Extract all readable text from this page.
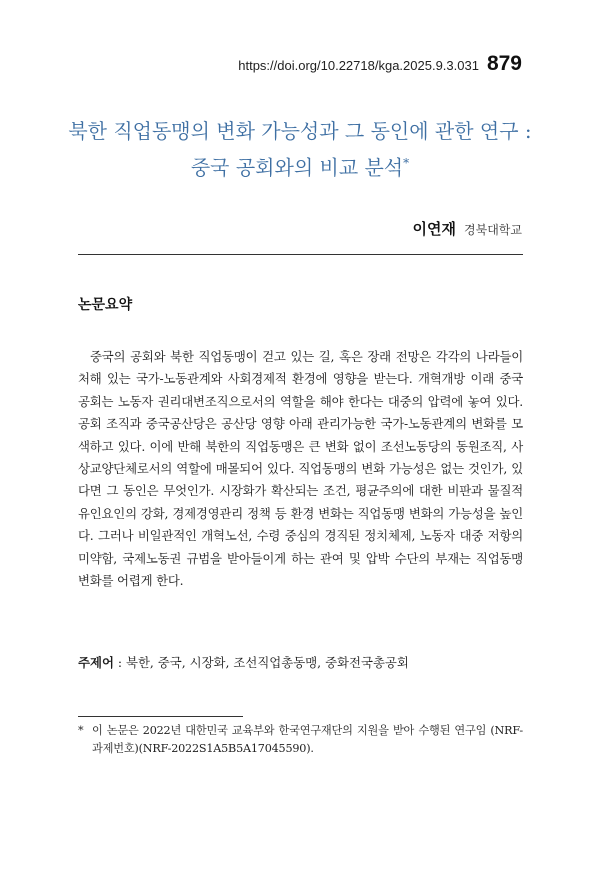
https://doi.org/10.22718/kga.2025.9.3.031 879
북한 직업동맹의 변화 가능성과 그 동인에 관한 연구 :
중국 공회와의 비교 분석*
이연재 경북대학교
논문요약
중국의 공회와 북한 직업동맹이 걷고 있는 길, 혹은 장래 전망은 각각의 나라들이 처해 있는 국가-노동관계와 사회경제적 환경에 영향을 받는다. 개혁개방 이래 중국 공회는 노동자 권리대변조직으로서의 역할을 해야 한다는 대중의 압력에 놓여 있다. 공회 조직과 중국공산당은 공산당 영향 아래 관리가능한 국가-노동관계의 변화를 모색하고 있다. 이에 반해 북한의 직업동맹은 큰 변화 없이 조선노동당의 동원조직, 사상교양단체로서의 역할에 매몰되어 있다. 직업동맹의 변화 가능성은 없는 것인가, 있다면 그 동인은 무엇인가. 시장화가 확산되는 조건, 평균주의에 대한 비판과 물질적 유인요인의 강화, 경제경영관리 정책 등 환경 변화는 직업동맹 변화의 가능성을 높인다. 그러나 비일관적인 개혁노선, 수령 중심의 경직된 정치체제, 노동자 대중 저항의 미약함, 국제노동권 규범을 받아들이게 하는 관여 및 압박 수단의 부재는 직업동맹 변화를 어렵게 한다.
주제어 : 북한, 중국, 시장화, 조선직업총동맹, 중화전국총공회
* 이 논문은 2022년 대한민국 교육부와 한국연구재단의 지원을 받아 수행된 연구임 (NRF-과제번호)(NRF-2022S1A5B5A17045590).
